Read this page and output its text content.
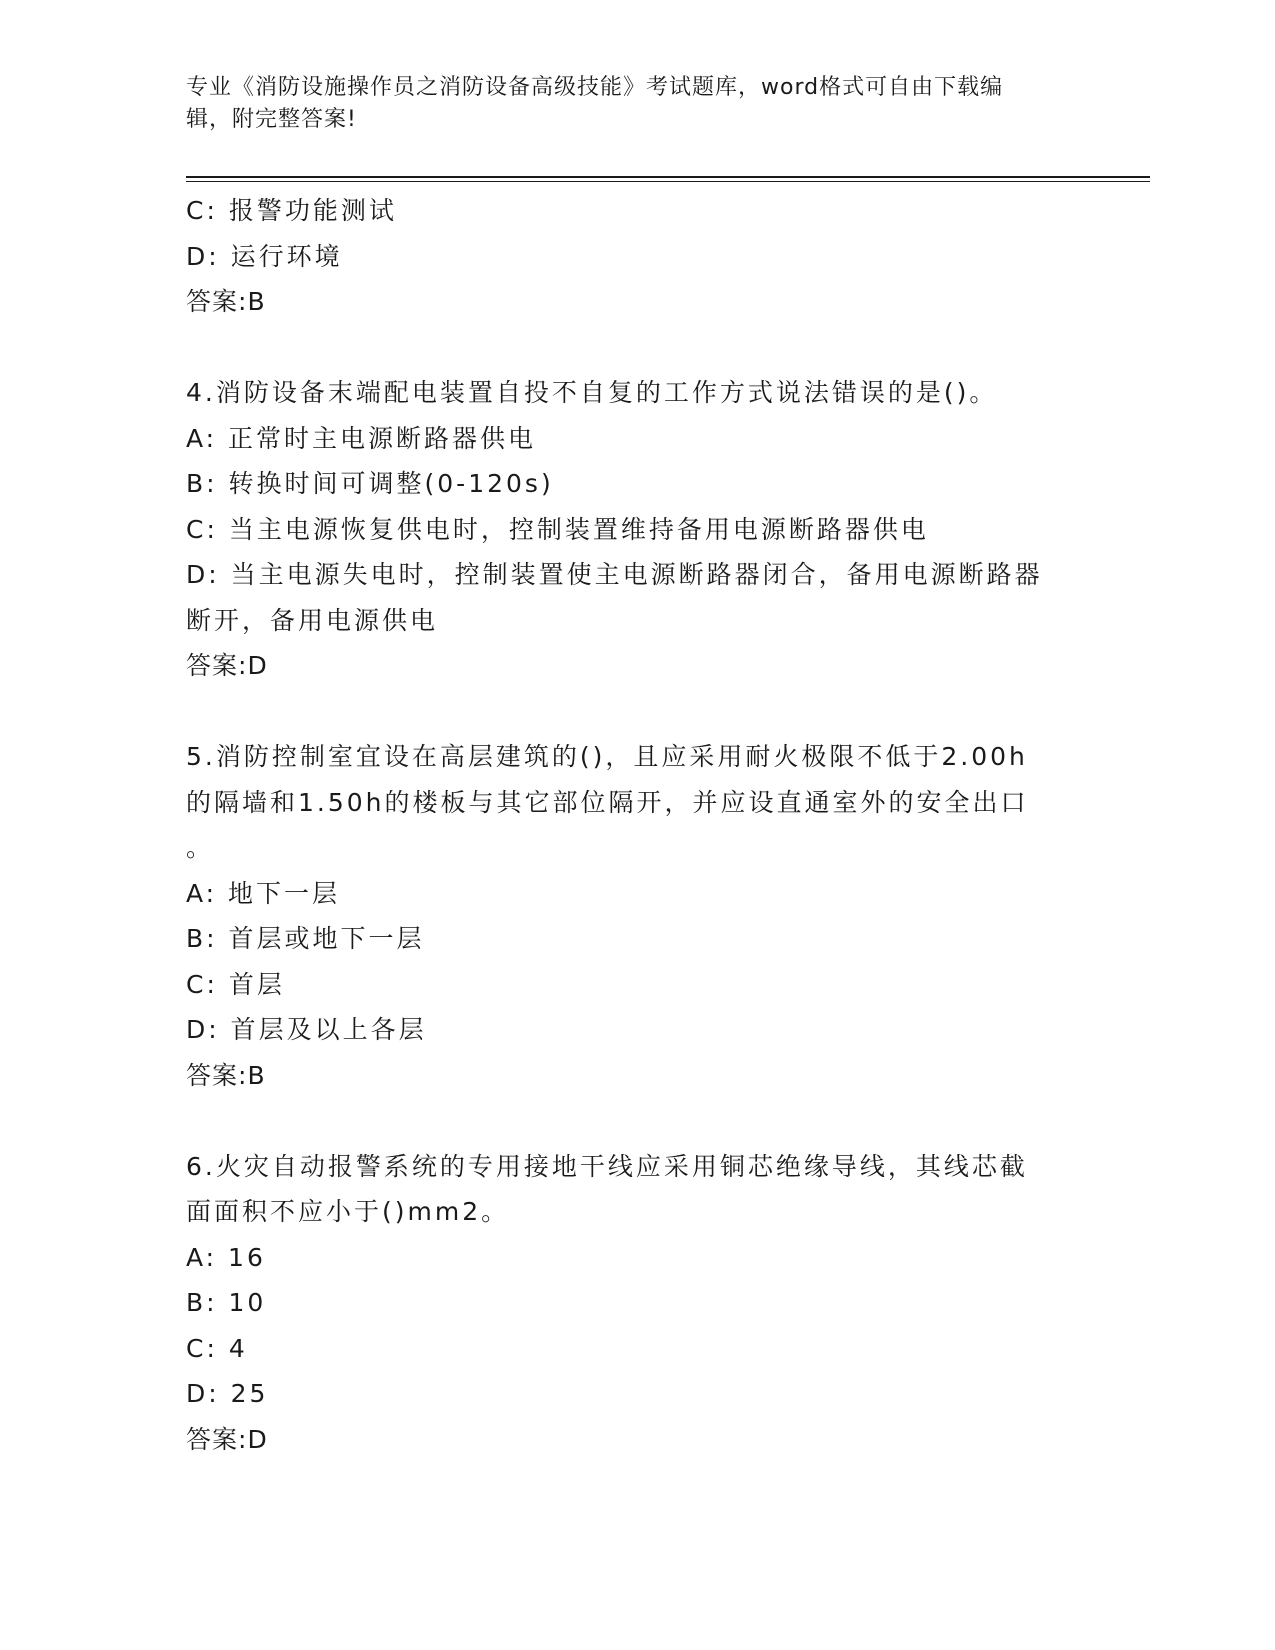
专业《消防设施操作员之消防设备高级技能》考试题库，word格式可自由下载编
辑，附完整答案!
C: 报警功能测试
D: 运行环境
答案:B
4.消防设备末端配电装置自投不自复的工作方式说法错误的是()。
A: 正常时主电源断路器供电
B: 转换时间可调整(0-120s)
C: 当主电源恢复供电时，控制装置维持备用电源断路器供电
D: 当主电源失电时，控制装置使主电源断路器闭合，备用电源断路器
断开，备用电源供电
答案:D
5.消防控制室宜设在高层建筑的()，且应采用耐火极限不低于2.00h
的隔墙和1.50h的楼板与其它部位隔开，并应设直通室外的安全出口
。
A: 地下一层
B: 首层或地下一层
C: 首层
D: 首层及以上各层
答案:B
6.火灾自动报警系统的专用接地干线应采用铜芯绝缘导线，其线芯截
面面积不应小于()mm2。
A: 16
B: 10
C: 4
D: 25
答案:D
